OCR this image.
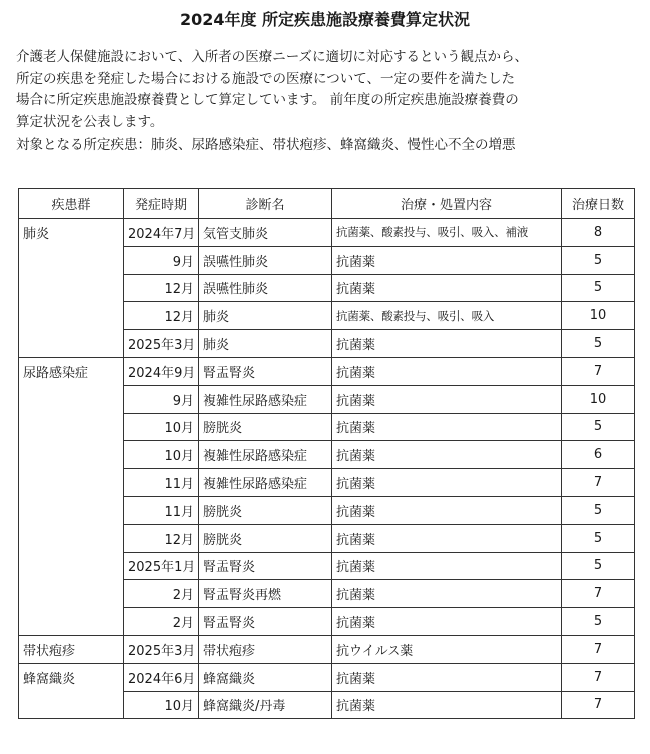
2024年度 所定疾患施設療養費算定状況

介護老人保健施設において、入所者の医療ニーズに適切に対応するという観点から、

所定の疾患を発症した場合における施設での医療について、一定の要件を満たした

場合に所定疾患施設療養費として算定しています。 前年度の所定疾患施設療養費の

算定状況を公表します。

対象となる所定疾患：肺炎、尿路感染症、帯状疱疹、蜂窩織炎、慢性心不全の増悪

疾患群	発症時期	診断名	治療・処置内容	治療日数
肺炎	2024年7月	気管支肺炎	抗菌薬、酸素投与、吸引、吸入、補液	8
	9月	誤嚥性肺炎	抗菌薬	5
	12月	誤嚥性肺炎	抗菌薬	5
	12月	肺炎	抗菌薬、酸素投与、吸引、吸入	10
	2025年3月	肺炎	抗菌薬	5
尿路感染症	2024年9月	腎盂腎炎	抗菌薬	7
	9月	複雑性尿路感染症	抗菌薬	10
	10月	膀胱炎	抗菌薬	5
	10月	複雑性尿路感染症	抗菌薬	6
	11月	複雑性尿路感染症	抗菌薬	7
	11月	膀胱炎	抗菌薬	5
	12月	膀胱炎	抗菌薬	5
	2025年1月	腎盂腎炎	抗菌薬	5
	2月	腎盂腎炎再燃	抗菌薬	7
	2月	腎盂腎炎	抗菌薬	5
帯状疱疹	2025年3月	帯状疱疹	抗ウイルス薬	7
蜂窩織炎	2024年6月	蜂窩織炎	抗菌薬	7
	10月	蜂窩織炎/丹毒	抗菌薬	7
